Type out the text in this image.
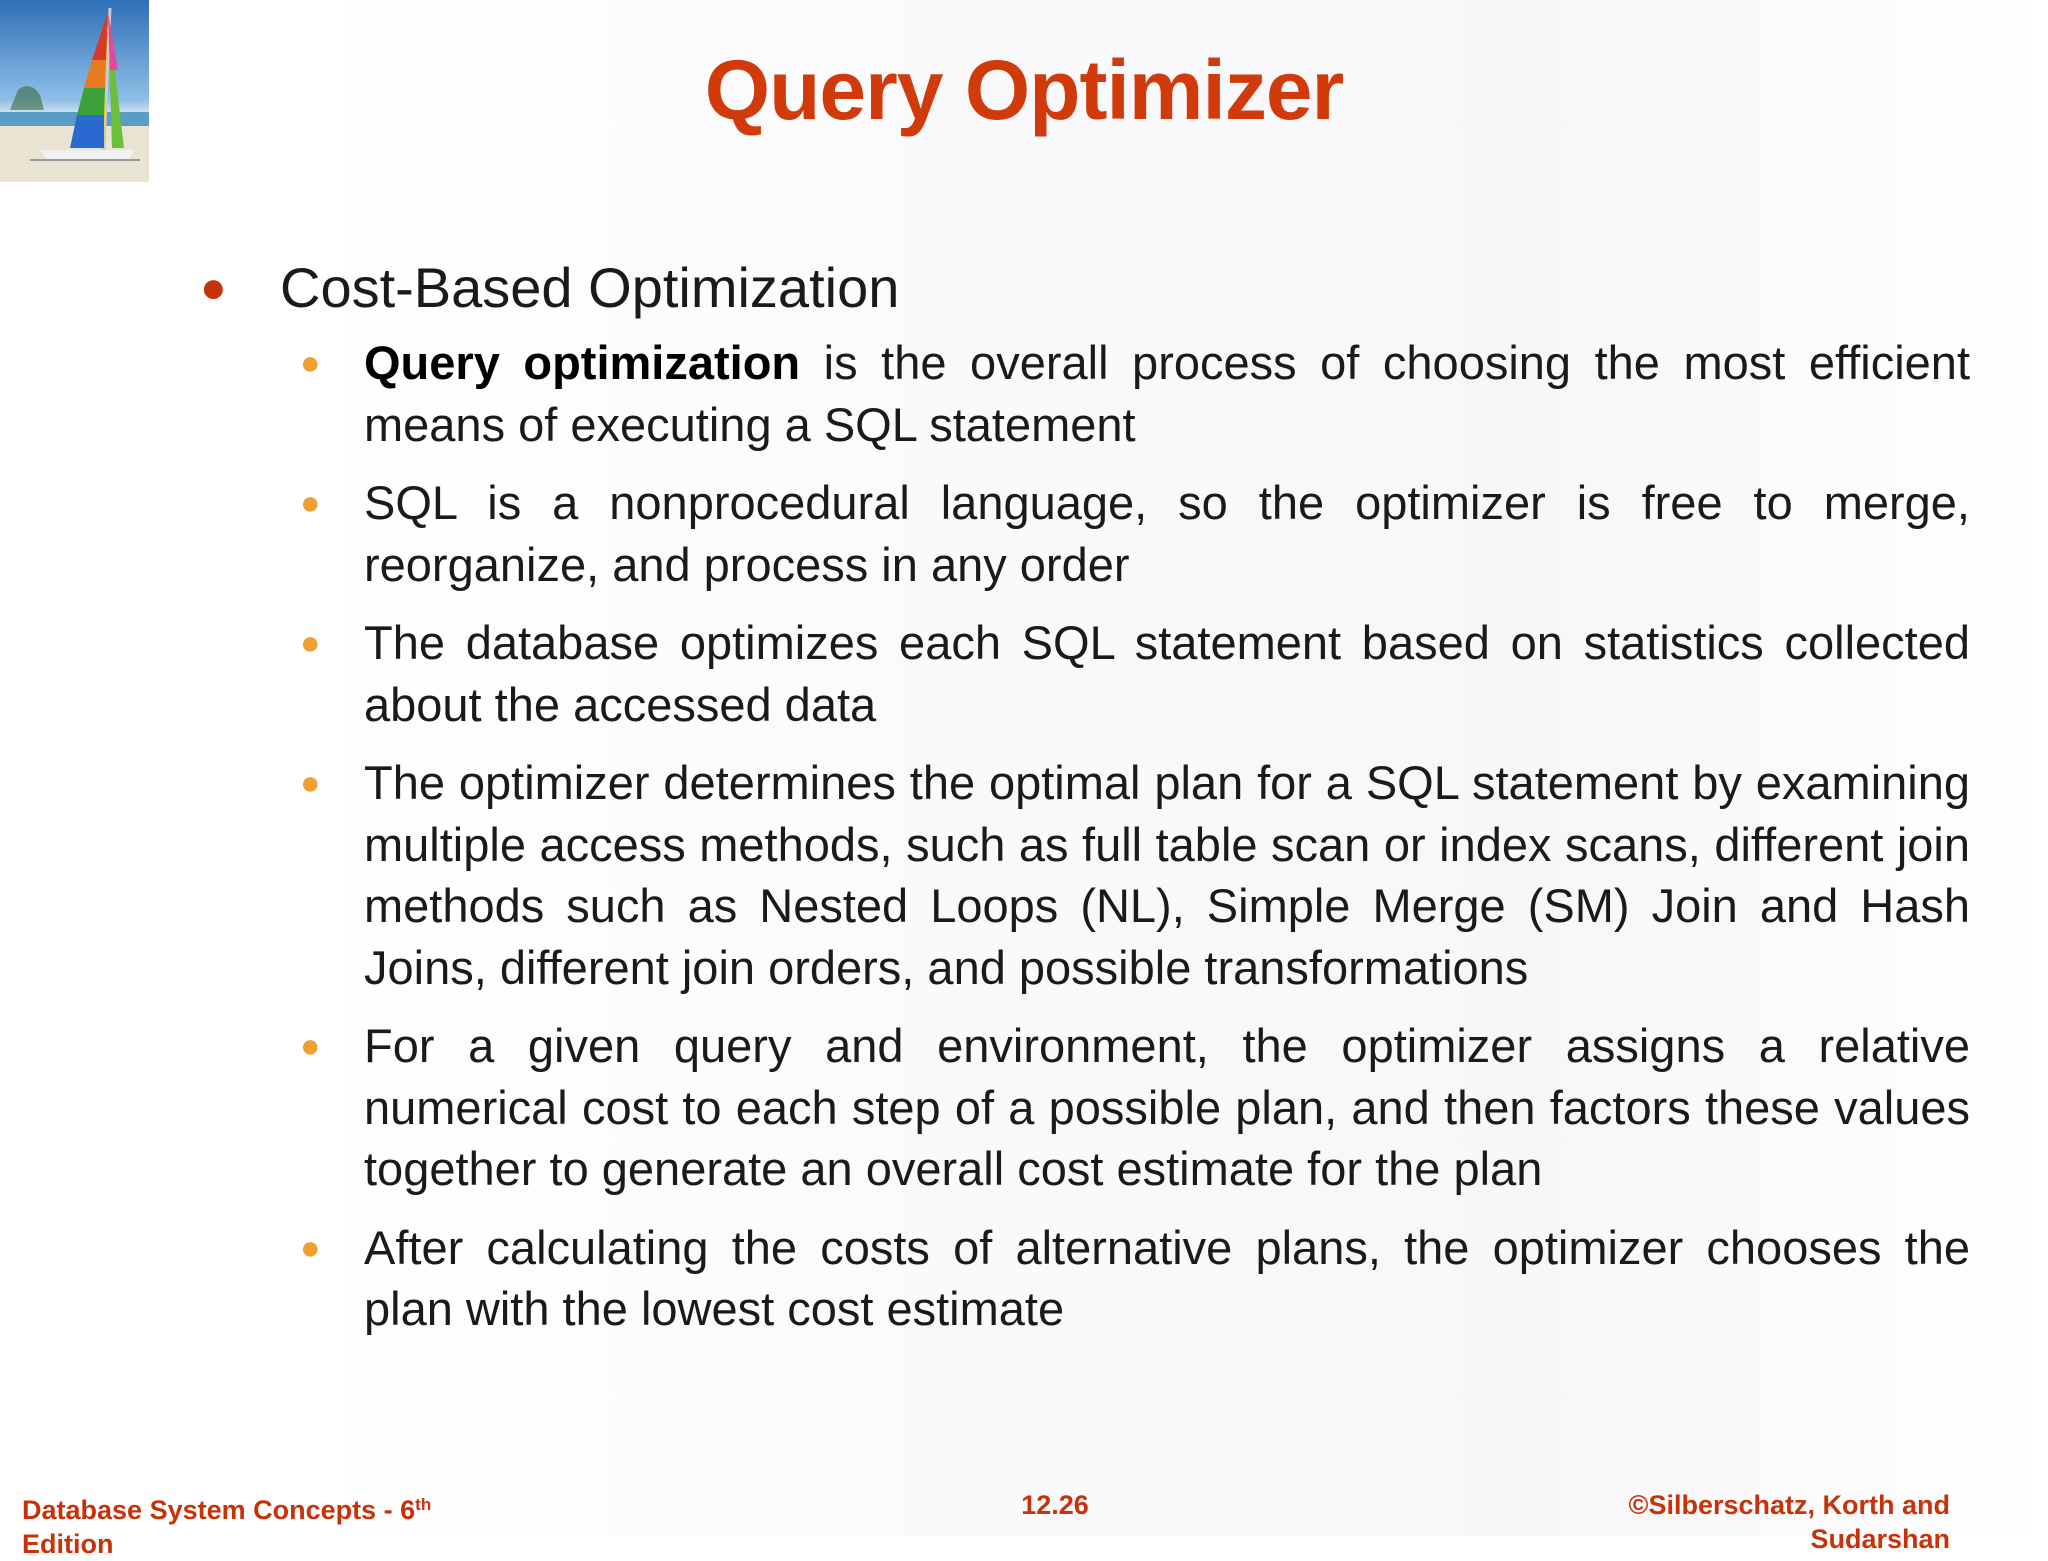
Query Optimizer
● Cost-Based Optimization
● Query optimization is the overall process of choosing the most efficient means of executing a SQL statement
● SQL is a nonprocedural language, so the optimizer is free to merge, reorganize, and process in any order
● The database optimizes each SQL statement based on statistics collected about the accessed data
● The optimizer determines the optimal plan for a SQL statement by examining multiple access methods, such as full table scan or index scans, different join methods such as Nested Loops (NL), Simple Merge (SM) Join and Hash Joins, different join orders, and possible transformations
● For a given query and environment, the optimizer assigns a relative numerical cost to each step of a possible plan, and then factors these values together to generate an overall cost estimate for the plan
● After calculating the costs of alternative plans, the optimizer chooses the plan with the lowest cost estimate
Database System Concepts - 6th
Edition
12.26	©Silberschatz, Korth and
Sudarshan
